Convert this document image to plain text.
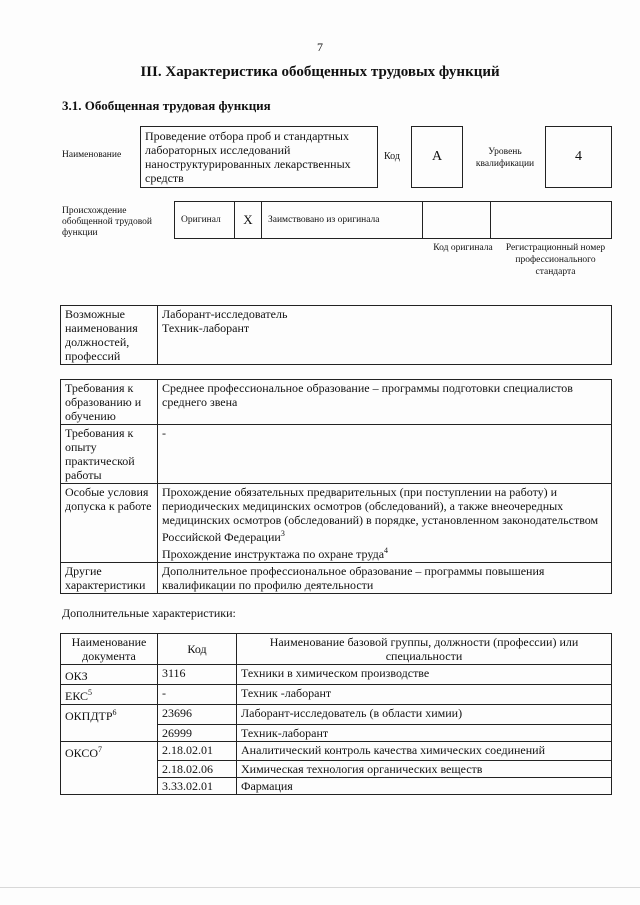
7
III. Характеристика обобщенных трудовых функций
3.1. Обобщенная трудовая функция
Наименование
Проведение отбора проб и стандартных лабораторных исследований наноструктурированных лекарственных средств
Код	А	Уровень квалификации	4
Происхождение обобщенной трудовой функции
Оригинал	X	Заимствовано из оригинала
Код оригинала	Регистрационный номер профессионального стандарта
Возможные наименования должностей, профессий	
Лаборант-исследователь
Техник-лаборант
Требования к образованию и обучению	Среднее профессиональное образование – программы подготовки специалистов среднего звена
Требования к опыту практической работы	-
Особые условия допуска к работе	Прохождение обязательных предварительных (при поступлении на работу) и периодических медицинских осмотров (обследований), а также внеочередных медицинских осмотров (обследований) в порядке, установленном законодательством Российской Федерации$^3$
Прохождение инструктажа по охране труда$^4$
Другие характеристики	Дополнительное профессиональное образование – программы повышения квалификации по профилю деятельности
Дополнительные характеристики:
Наименование документа	Код	Наименование базовой группы, должности (профессии) или специальности
ОКЗ	3116	Техники в химическом производстве
ЕКС$^5$	-	Техник -лаборант
ОКПДТР$^6$	23696	Лаборант-исследователь (в области химии)
	26999	Техник-лаборант
ОКСО$^7$	2.18.02.01	Аналитический контроль качества химических соединений
	2.18.02.06	Химическая технология органических веществ
	3.33.02.01	Фармация
